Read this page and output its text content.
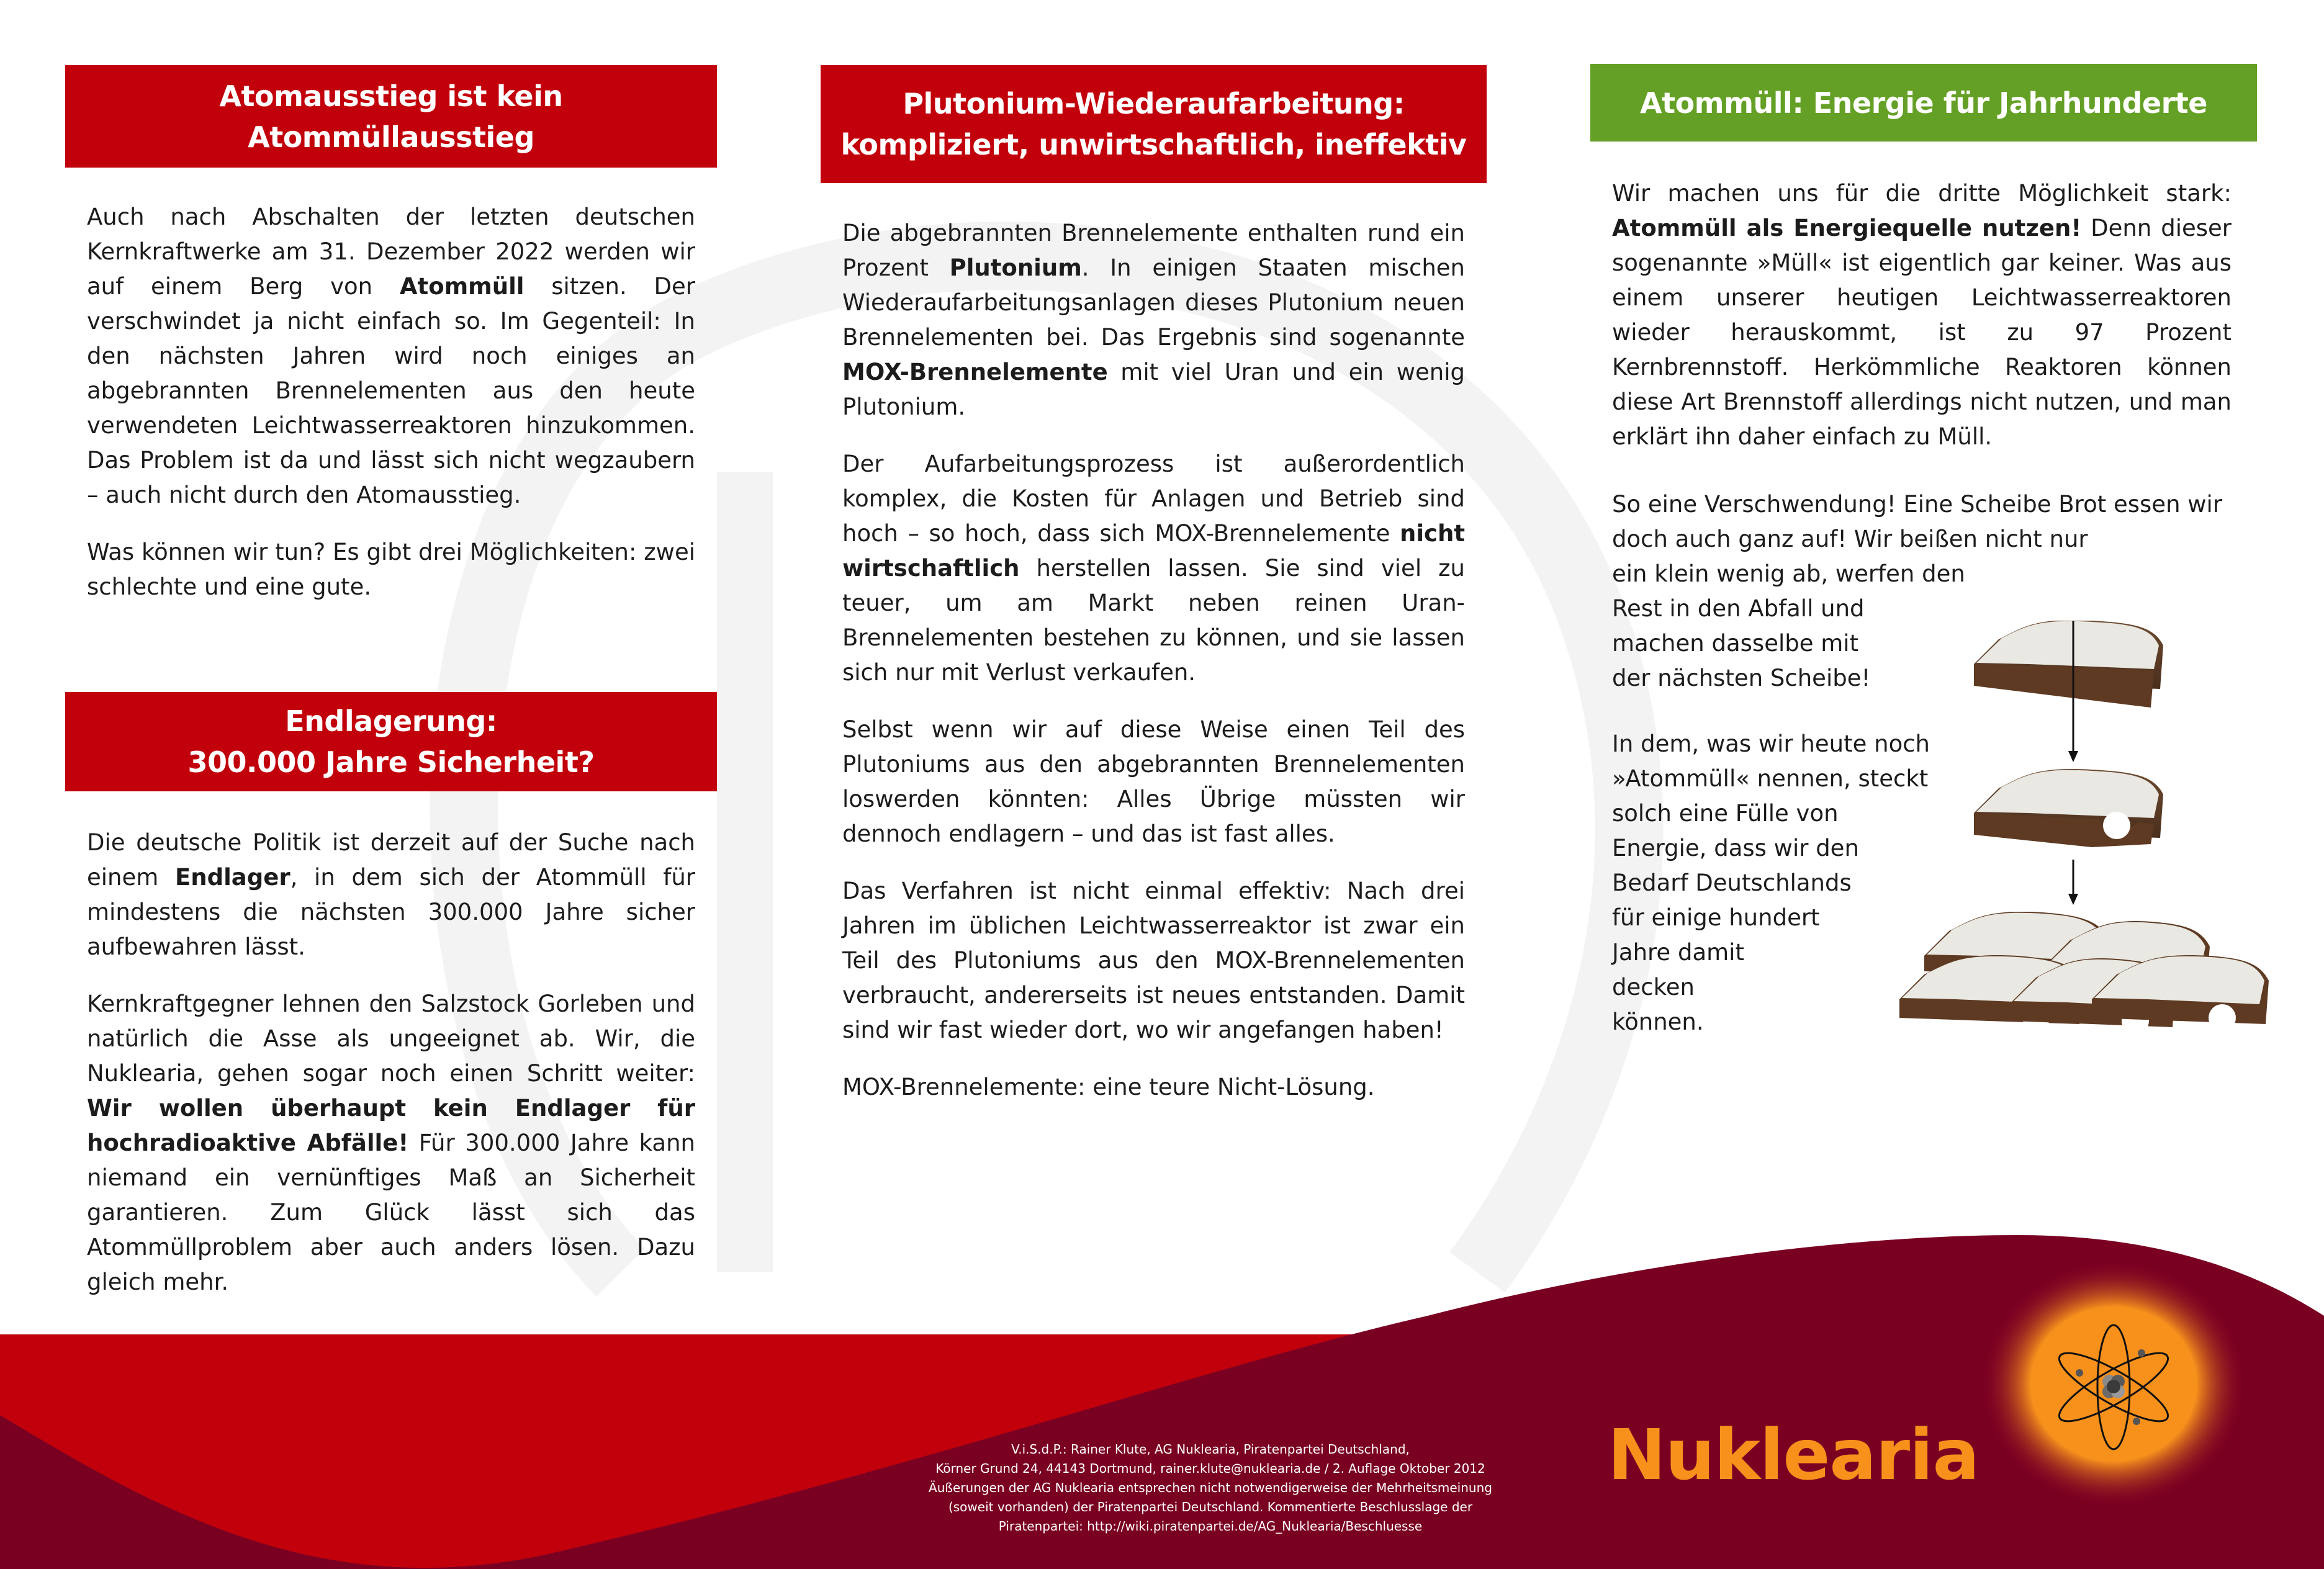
Atomausstieg ist kein
Atommüllausstieg

Auch nach Abschalten der letzten deutschen Kernkraftwerke am 31. Dezember 2022 werden wir auf einem Berg von Atommüll sitzen. Der verschwindet ja nicht einfach so. Im Gegenteil: In den nächsten Jahren wird noch einiges an abgebrannten Brennelementen aus den heute verwendeten Leichtwasserreaktoren hinzukommen. Das Problem ist da und lässt sich nicht wegzaubern – auch nicht durch den Atomausstieg.

Was können wir tun? Es gibt drei Möglichkeiten: zwei schlechte und eine gute.

Endlagerung:
300.000 Jahre Sicherheit?

Die deutsche Politik ist derzeit auf der Suche nach einem Endlager, in dem sich der Atommüll für mindestens die nächsten 300.000 Jahre sicher aufbewahren lässt.

Kernkraftgegner lehnen den Salzstock Gorleben und natürlich die Asse als ungeeignet ab. Wir, die Nuklearia, gehen sogar noch einen Schritt weiter: Wir wollen überhaupt kein Endlager für hochradioaktive Abfälle! Für 300.000 Jahre kann niemand ein vernünftiges Maß an Sicherheit garantieren. Zum Glück lässt sich das Atommüllproblem aber auch anders lösen. Dazu gleich mehr.

Plutonium-Wiederaufarbeitung:
kompliziert, unwirtschaftlich, ineffektiv

Die abgebrannten Brennelemente enthalten rund ein Prozent Plutonium. In einigen Staaten mischen Wiederaufarbeitungsanlagen dieses Plutonium neuen Brennelementen bei. Das Ergebnis sind sogenannte MOX-Brennelemente mit viel Uran und ein wenig Plutonium.

Der Aufarbeitungsprozess ist außerordentlich komplex, die Kosten für Anlagen und Betrieb sind hoch – so hoch, dass sich MOX-Brennelemente nicht wirtschaftlich herstellen lassen. Sie sind viel zu teuer, um am Markt neben reinen Uran-Brennelementen bestehen zu können, und sie lassen sich nur mit Verlust verkaufen.

Selbst wenn wir auf diese Weise einen Teil des Plutoniums aus den abgebrannten Brennelementen loswerden könnten: Alles Übrige müssten wir dennoch endlagern – und das ist fast alles.

Das Verfahren ist nicht einmal effektiv: Nach drei Jahren im üblichen Leichtwasserreaktor ist zwar ein Teil des Plutoniums aus den MOX-Brennelementen verbraucht, andererseits ist neues entstanden. Damit sind wir fast wieder dort, wo wir angefangen haben!

MOX-Brennelemente: eine teure Nicht-Lösung.

Atommüll: Energie für Jahrhunderte

Wir machen uns für die dritte Möglichkeit stark: Atommüll als Energiequelle nutzen! Denn dieser sogenannte »Müll« ist eigentlich gar keiner. Was aus einem unserer heutigen Leichtwasserreaktoren wieder herauskommt, ist zu 97 Prozent Kernbrennstoff. Herkömmliche Reaktoren können diese Art Brennstoff allerdings nicht nutzen, und man erklärt ihn daher einfach zu Müll.

So eine Verschwendung! Eine Scheibe Brot essen wir

doch auch ganz auf! Wir beißen nicht nur

ein klein wenig ab, werfen den

Rest in den Abfall und

machen dasselbe mit

der nächsten Scheibe!

In dem, was wir heute noch

»Atommüll« nennen, steckt

solch eine Fülle von

Energie, dass wir den

Bedarf Deutschlands

für einige hundert

Jahre damit

decken

können.

V.i.S.d.P.: Rainer Klute, AG Nuklearia, Piratenpartei Deutschland,
Körner Grund 24, 44143 Dortmund, rainer.klute@nuklearia.de / 2. Auflage Oktober 2012
Äußerungen der AG Nuklearia entsprechen nicht notwendigerweise der Mehrheitsmeinung
(soweit vorhanden) der Piratenpartei Deutschland. Kommentierte Beschlusslage der
Piratenpartei: http://wiki.piratenpartei.de/AG_Nuklearia/Beschluesse
Nuklearia
